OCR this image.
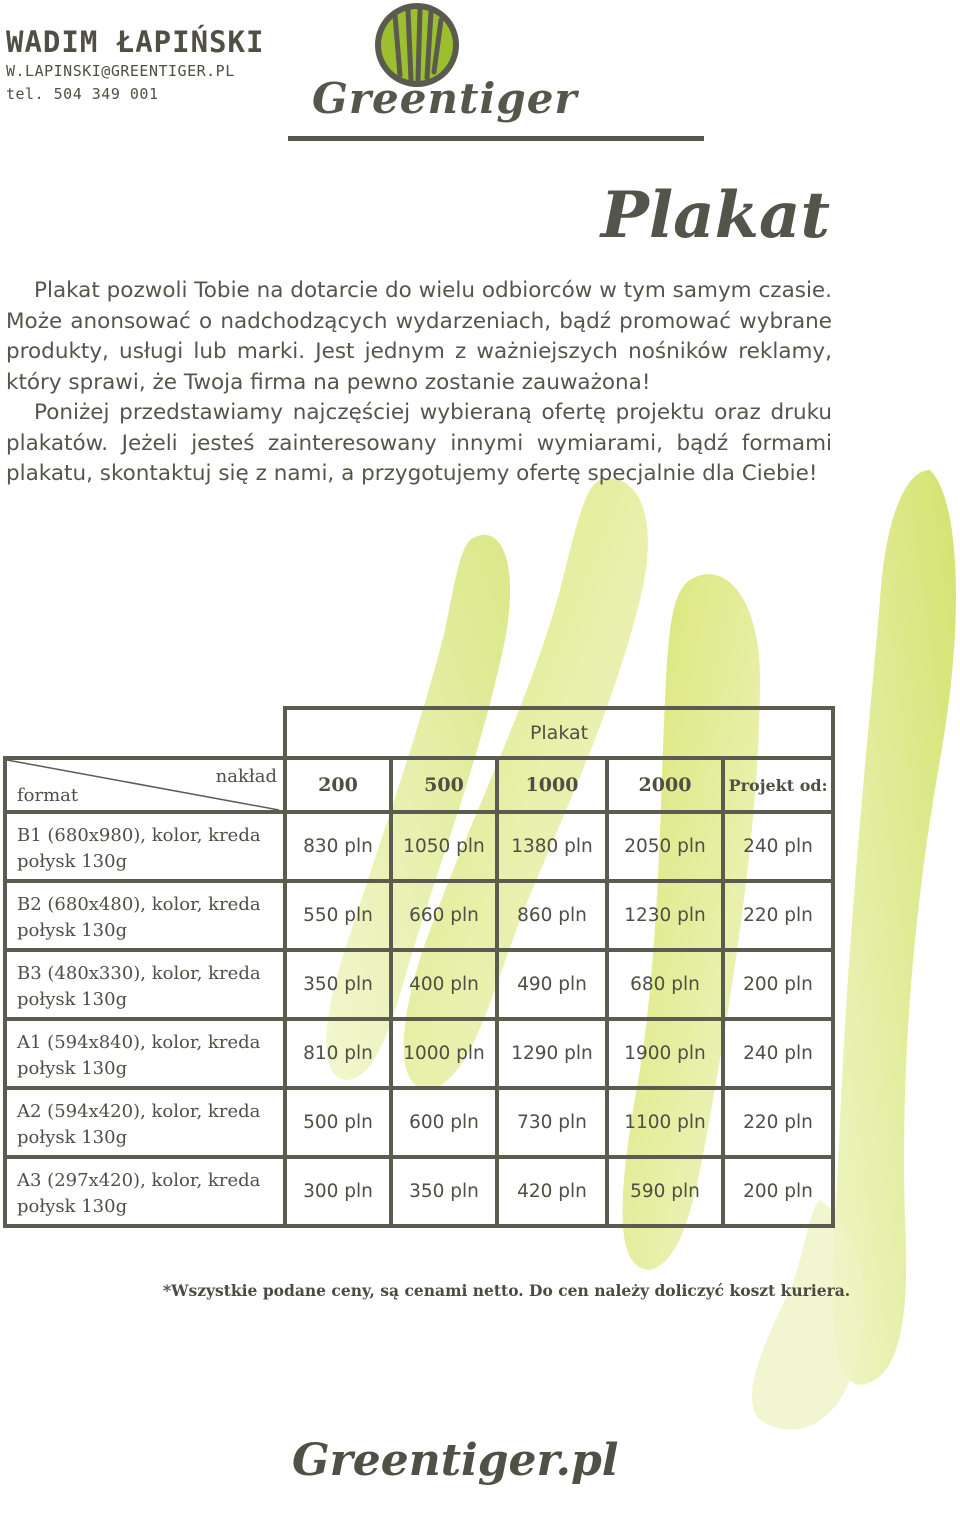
WADIM ŁAPIŃSKI
W.LAPINSKI@GREENTIGER.PL
tel. 504 349 001	Greentiger
Plakat

Plakat pozwoli Tobie na dotarcie do wielu odbiorców w tym samym czasie. Może anonsować o nadchodzących wydarzeniach, bądź promować wybrane produkty, usługi lub marki. Jest jednym z ważniejszych nośników reklamy, który sprawi, że Twoja firma na pewno zostanie zauważona!

Poniżej przedstawiamy najczęściej wybieraną ofertę projektu oraz druku plakatów. Jeżeli jesteś zainteresowany innymi wymiarami, bądź formami plakatu, skontaktuj się z nami, a przygotujemy ofertę specjalnie dla Ciebie!

	Plakat				

nakład
format	200	500	1000	2000	Projekt od:
B1 (680x980), kolor, kreda połysk 130g	830 pln	1050 pln	1380 pln	2050 pln	240 pln
B2 (680x480), kolor, kreda połysk 130g	550 pln	660 pln	860 pln	1230 pln	220 pln
B3 (480x330), kolor, kreda połysk 130g	350 pln	400 pln	490 pln	680 pln	200 pln
A1 (594x840), kolor, kreda połysk 130g	810 pln	1000 pln	1290 pln	1900 pln	240 pln
A2 (594x420), kolor, kreda połysk 130g	500 pln	600 pln	730 pln	1100 pln	220 pln
A3 (297x420), kolor, kreda połysk 130g	300 pln	350 pln	420 pln	590 pln	200 pln
*Wszystkie podane ceny, są cenami netto. Do cen należy doliczyć koszt kuriera.
Greentiger.pl
